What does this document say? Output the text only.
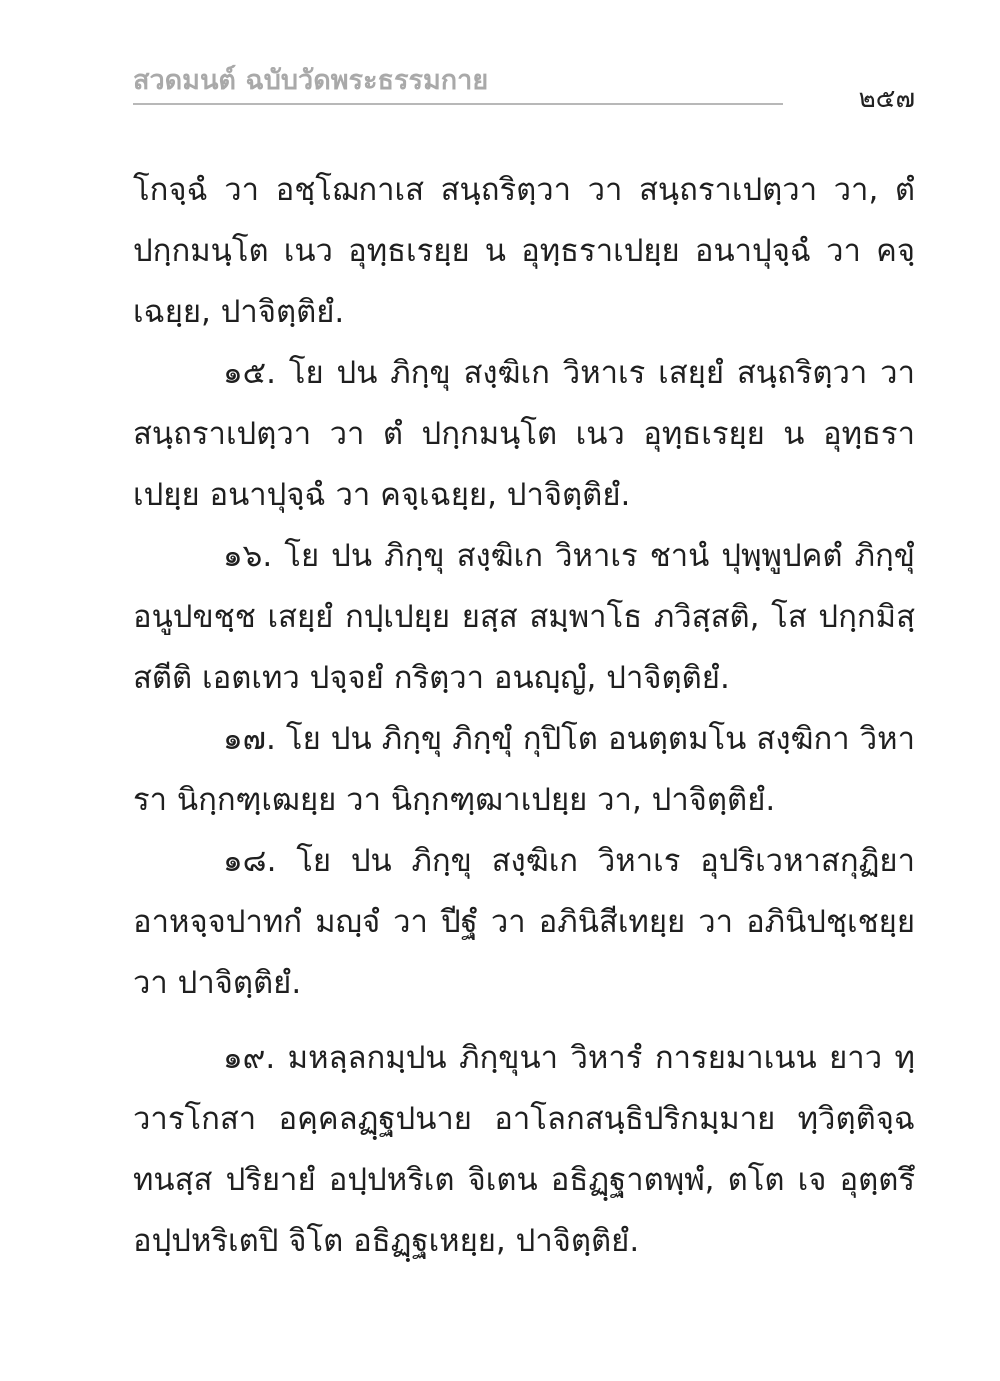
สวดมนต์ ฉบับวัดพระธรรมกาย
๒๕๗

โกจฺฉํ วา อชฺโฌกาเส สนฺถริตฺวา วา สนฺถราเปตฺวา วา, ตํ ปกฺกมนฺโต เนว อุทฺธเรยฺย น อุทฺธราเปยฺย อนาปุจฺฉํ วา คจฺเฉยฺย, ปาจิตฺติยํ.

๑๕. โย ปน ภิกฺขุ สงฺฆิเก วิหาเร เสยฺยํ สนฺถริตฺวา วา สนฺถราเปตฺวา วา ตํ ปกฺกมนฺโต เนว อุทฺธเรยฺย น อุทฺธราเปยฺย อนาปุจฺฉํ วา คจฺเฉยฺย, ปาจิตฺติยํ.

๑๖. โย ปน ภิกฺขุ สงฺฆิเก วิหาเร ชานํ ปุพฺพูปคตํ ภิกฺขุํ อนูปขชฺช เสยฺยํ กปฺเปยฺย ยสฺส สมฺพาโธ ภวิสฺสติ, โส ปกฺกมิสฺสตีติ เอตเทว ปจฺจยํ กริตฺวา อนญฺญํ, ปาจิตฺติยํ.

๑๗. โย ปน ภิกฺขุ ภิกฺขุํ กุปิโต อนตฺตมโน สงฺฆิกา วิหารา นิกฺกฑฺเฒยฺย วา นิกฺกฑฺฒาเปยฺย วา, ปาจิตฺติยํ.

๑๘. โย ปน ภิกฺขุ สงฺฆิเก วิหาเร อุปริเวหาสกุฏิยา อาหจฺจปาทกํ มญฺจํ วา ปีฐํ วา อภินิสีเทยฺย วา อภินิปชฺเชยฺย วา ปาจิตฺติยํ.

๑๙. มหลฺลกมฺปน ภิกฺขุนา วิหารํ การยมาเนน ยาว ทฺวารโกสา อคฺคลฏฺฐปนาย อาโลกสนฺธิปริกมฺมาย ทฺวิตฺติจฺฉทนสฺส ปริยายํ อปฺปหริเต จิเตน อธิฏฺฐาตพฺพํ, ตโต เจ อุตฺตรึ อปฺปหริเตปิ จิโต อธิฏฺฐเหยฺย, ปาจิตฺติยํ.
